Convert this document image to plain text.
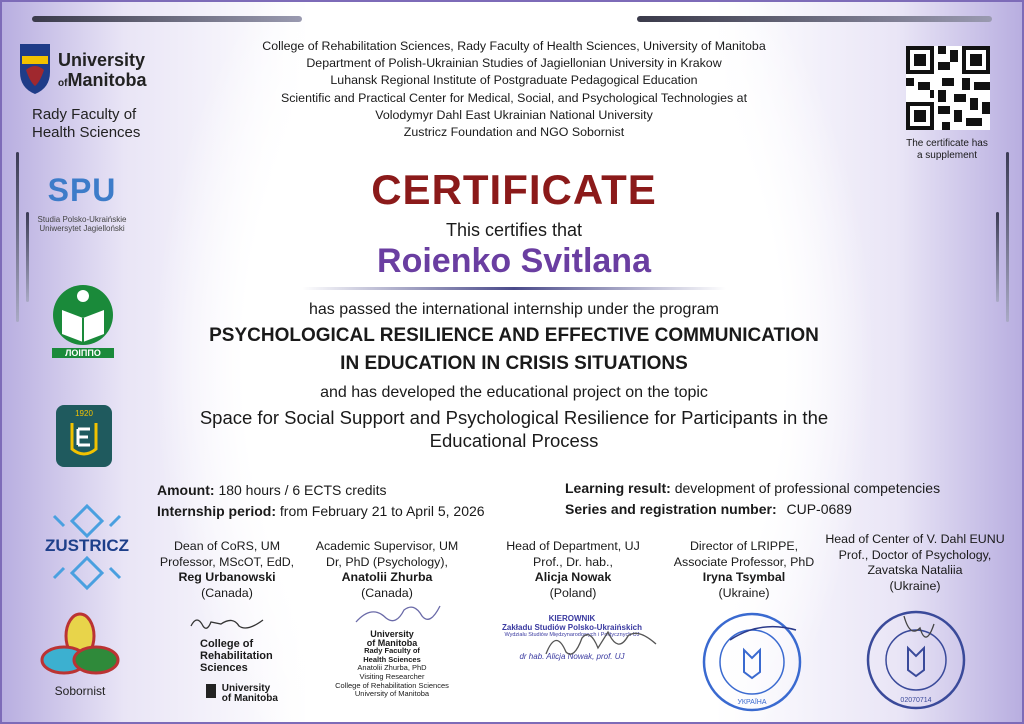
University
ofManitoba
Rady Faculty of
Health Sciences
SPU
Studia Polsko-Ukraińskie
Uniwersytet Jagielloński
ЛОІППО
1920
ZUSTRICZ
Sobornist
College of Rehabilitation Sciences, Rady Faculty of Health Sciences, University of Manitoba
Department of Polish-Ukrainian Studies of Jagiellonian University in Krakow
Luhansk Regional Institute of Postgraduate Pedagogical Education
Scientific and Practical Center for Medical, Social, and Psychological Technologies at
Volodymyr Dahl East Ukrainian National University
Zustricz Foundation and NGO Sobornist
The certificate has
a supplement
CERTIFICATE
This certifies that
Roienko Svitlana
has passed the international internship under the program
PSYCHOLOGICAL RESILIENCE AND EFFECTIVE COMMUNICATION
IN EDUCATION IN CRISIS SITUATIONS
and has developed the educational project on the topic
Space for Social Support and Psychological Resilience for Participants in the
Educational Process
Amount: 180 hours / 6 ECTS credits
Internship period: from February 21 to April 5, 2026
Learning result: development of professional competencies
Series and registration number: CUP-0689
Dean of CoRS, UM
Professor, MScOT, EdD,
Reg Urbanowski
(Canada)
Academic Supervisor, UM
Dr, PhD (Psychology),
Anatolii Zhurba
(Canada)
Head of Department, UJ
Prof., Dr. hab.,
Alicja Nowak
(Poland)
Director of LRIPPE,
Associate Professor, PhD
Iryna Tsymbal
(Ukraine)
Head of Center of V. Dahl EUNU
Prof., Doctor of Psychology,
Zavatska Nataliia
(Ukraine)
College of
Rehabilitation
Sciences
University
of Manitoba
University
of Manitoba
Rady Faculty of
Health Sciences
Anatolii Zhurba, PhD
Visiting Researcher
College of Rehabilitation Sciences
University of Manitoba
KIEROWNIK
Zakładu Studiów Polsko-Ukraińskich
Wydziału Studiów Międzynarodowych i Politycznych UJ
dr hab. Alicja Nowak, prof. UJ
УКРАЇНА	02070714
